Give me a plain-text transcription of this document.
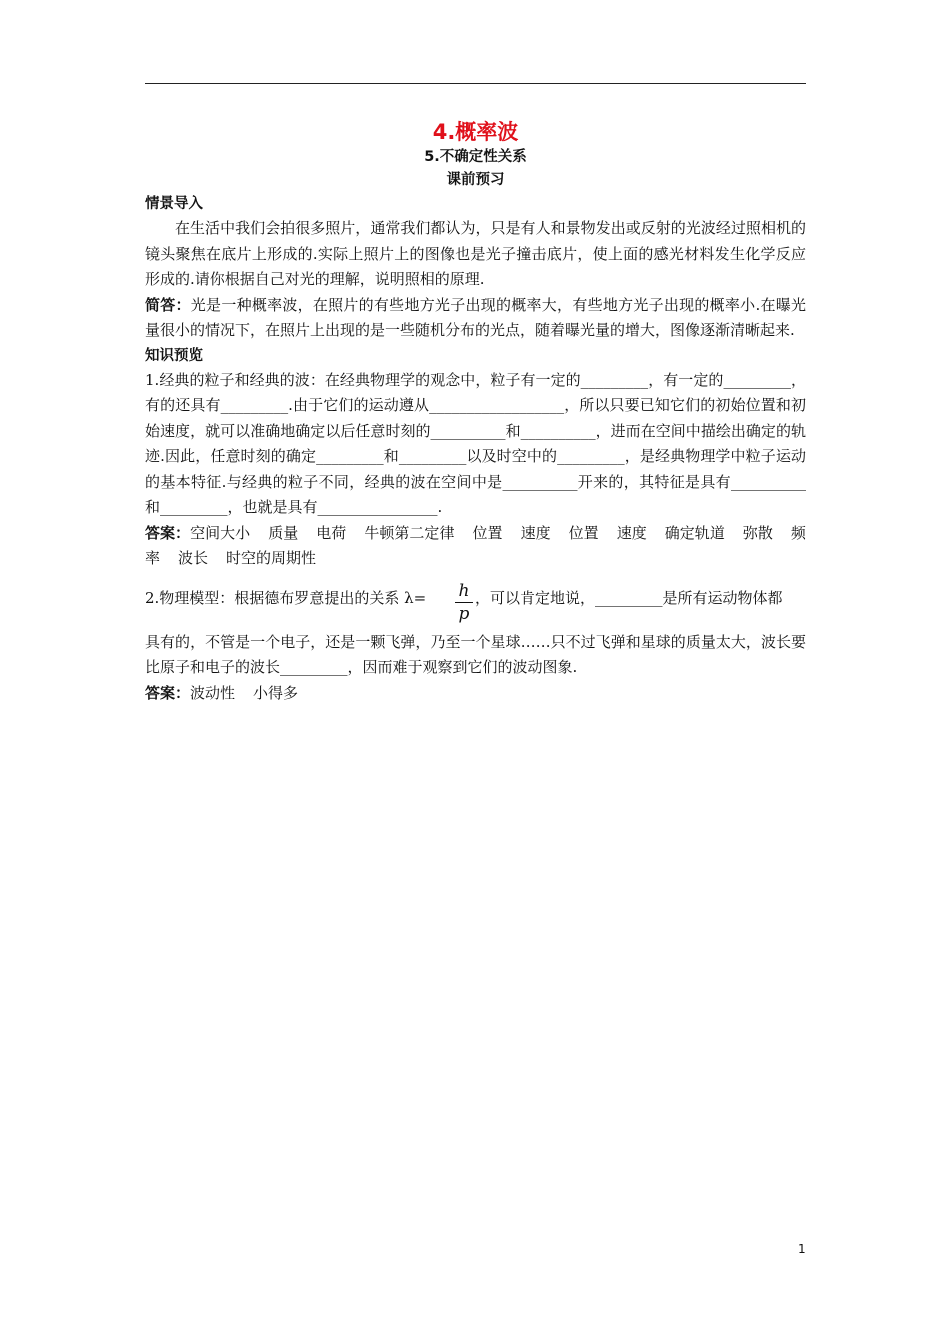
4.概率波
5.不确定性关系
课前预习
情景导入

在生活中我们会拍很多照片，通常我们都认为，只是有人和景物发出或反射的光波经过照相机的镜头聚焦在底片上形成的.实际上照片上的图像也是光子撞击底片，使上面的感光材料发生化学反应形成的.请你根据自己对光的理解，说明照相的原理.

简答：光是一种概率波，在照片的有些地方光子出现的概率大，有些地方光子出现的概率小.在曝光量很小的情况下，在照片上出现的是一些随机分布的光点，随着曝光量的增大，图像逐渐清晰起来.

知识预览

1.经典的粒子和经典的波：在经典物理学的观念中，粒子有一定的_________，有一定的_________，有的还具有_________.由于它们的运动遵从__________________，所以只要已知它们的初始位置和初始速度，就可以准确地确定以后任意时刻的__________和__________，进而在空间中描绘出确定的轨迹.因此，任意时刻的确定_________和_________以及时空中的_________，是经典物理学中粒子运动的基本特征.与经典的粒子不同，经典的波在空间中是__________开来的，其特征是具有__________和_________，也就是具有________________.

答案：空间大小 质量 电荷 牛顿第二定律 位置 速度 位置 速度 确定轨道 弥散 频率 波长 时空的周期性

2.物理模型：根据德布罗意提出的关系 $\lambda= \frac{h}{p}$ ，可以肯定地说，_________是所有运动物体都

具有的，不管是一个电子，还是一颗飞弹，乃至一个星球……只不过飞弹和星球的质量太大，波长要比原子和电子的波长_________，因而难于观察到它们的波动图象.

答案：波动性 小得多

1
